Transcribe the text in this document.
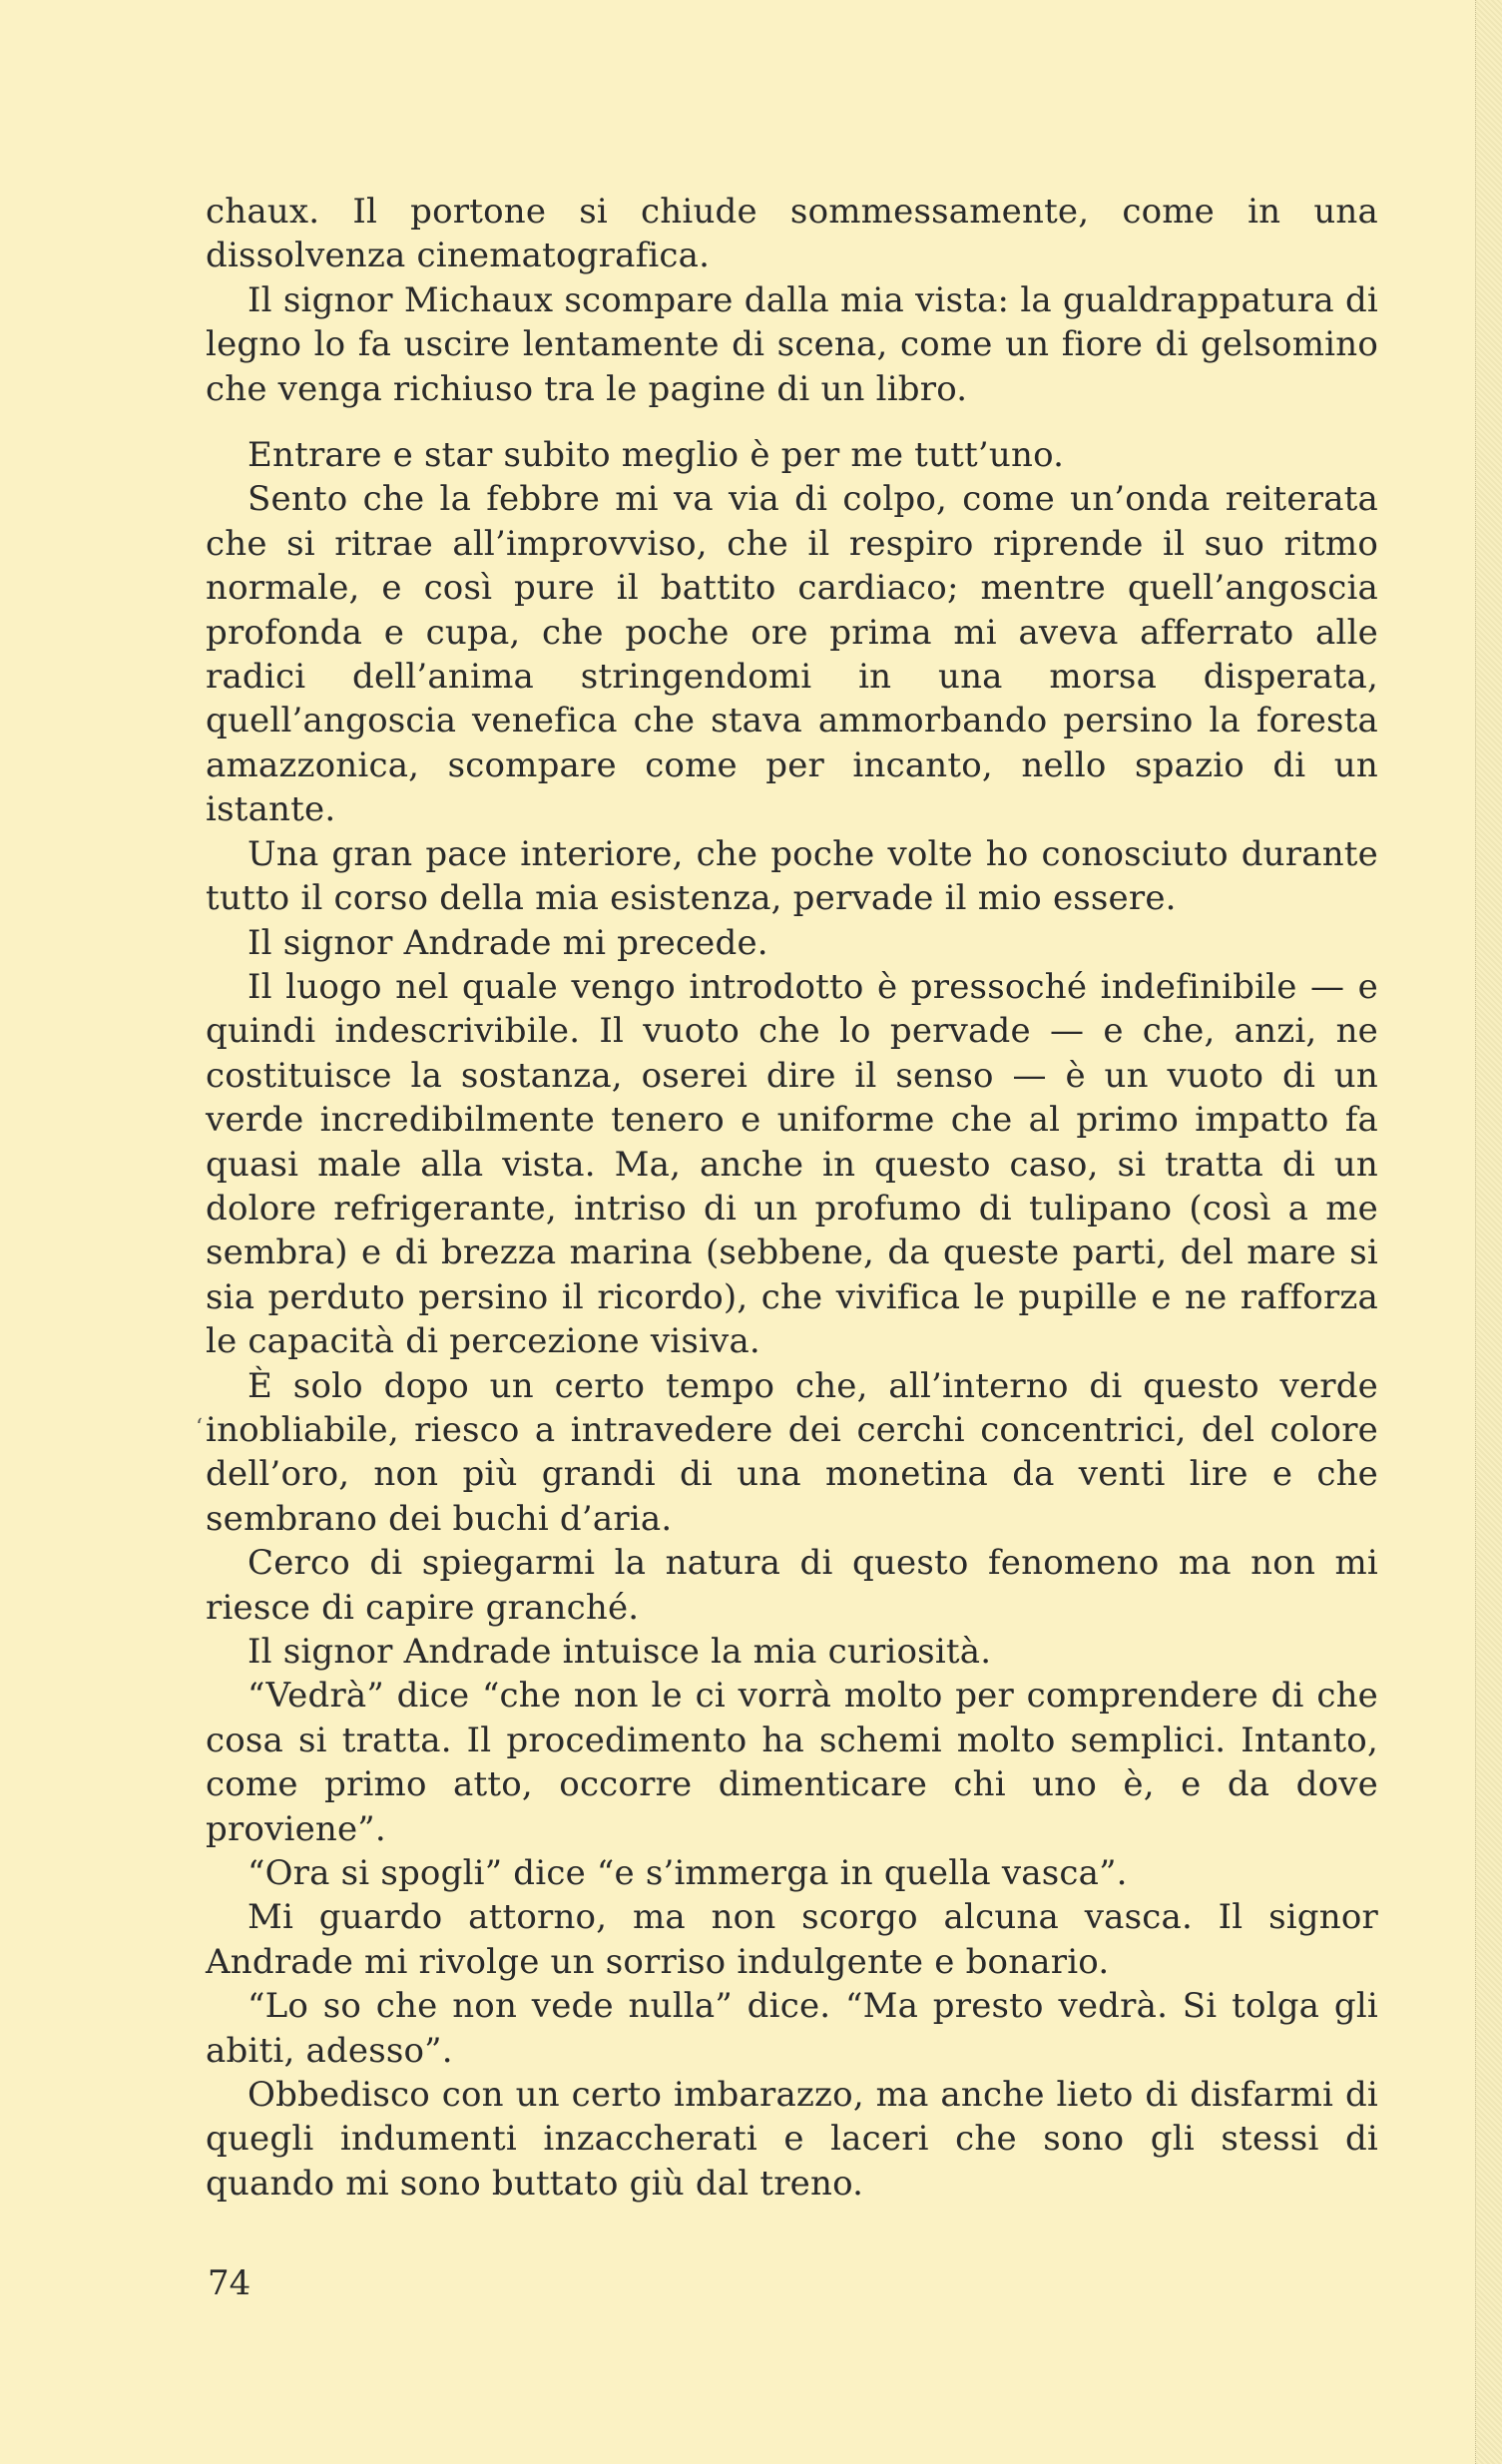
chaux. Il portone si chiude sommessamente, come in una dissolvenza cinematografica.

Il signor Michaux scompare dalla mia vista: la gualdrappatura di legno lo fa uscire lentamente di scena, come un fiore di gelsomino che venga richiuso tra le pagine di un libro.

Entrare e star subito meglio è per me tutt’uno.

Sento che la febbre mi va via di colpo, come un’onda reiterata che si ritrae all’improvviso, che il respiro riprende il suo ritmo normale, e così pure il battito cardiaco; mentre quell’angoscia profonda e cupa, che poche ore prima mi aveva afferrato alle radici dell’anima stringendomi in una morsa disperata, quell’angoscia venefica che stava ammorbando persino la foresta amazzonica, scompare come per incanto, nello spazio di un istante.

Una gran pace interiore, che poche volte ho conosciuto durante tutto il corso della mia esistenza, pervade il mio essere.

Il signor Andrade mi precede.

Il luogo nel quale vengo introdotto è pressoché indefinibile — e quindi indescrivibile. Il vuoto che lo pervade — e che, anzi, ne costituisce la sostanza, oserei dire il senso — è un vuoto di un verde incredibilmente tenero e uniforme che al primo impatto fa quasi male alla vista. Ma, anche in questo caso, si tratta di un dolore refrigerante, intriso di un profumo di tulipano (così a me sembra) e di brezza marina (sebbene, da queste parti, del mare si sia perduto persino il ricordo), che vivifica le pupille e ne rafforza le capacità di percezione visiva.

È solo dopo un certo tempo che, all’interno di questo verde inobliabile, riesco a intravedere dei cerchi concentrici, del colore dell’oro, non più grandi di una monetina da venti lire e che sembrano dei buchi d’aria.

Cerco di spiegarmi la natura di questo fenomeno ma non mi riesce di capire granché.

Il signor Andrade intuisce la mia curiosità.

“Vedrà” dice “che non le ci vorrà molto per comprendere di che cosa si tratta. Il procedimento ha schemi molto semplici. Intanto, come primo atto, occorre dimenticare chi uno è, e da dove proviene”.

“Ora si spogli” dice “e s’immerga in quella vasca”.

Mi guardo attorno, ma non scorgo alcuna vasca. Il signor Andrade mi rivolge un sorriso indulgente e bonario.

“Lo so che non vede nulla” dice. “Ma presto vedrà. Si tolga gli abiti, adesso”.

Obbedisco con un certo imbarazzo, ma anche lieto di disfarmi di quegli indumenti inzaccherati e laceri che sono gli stessi di quando mi sono buttato giù dal treno.

‘
74
